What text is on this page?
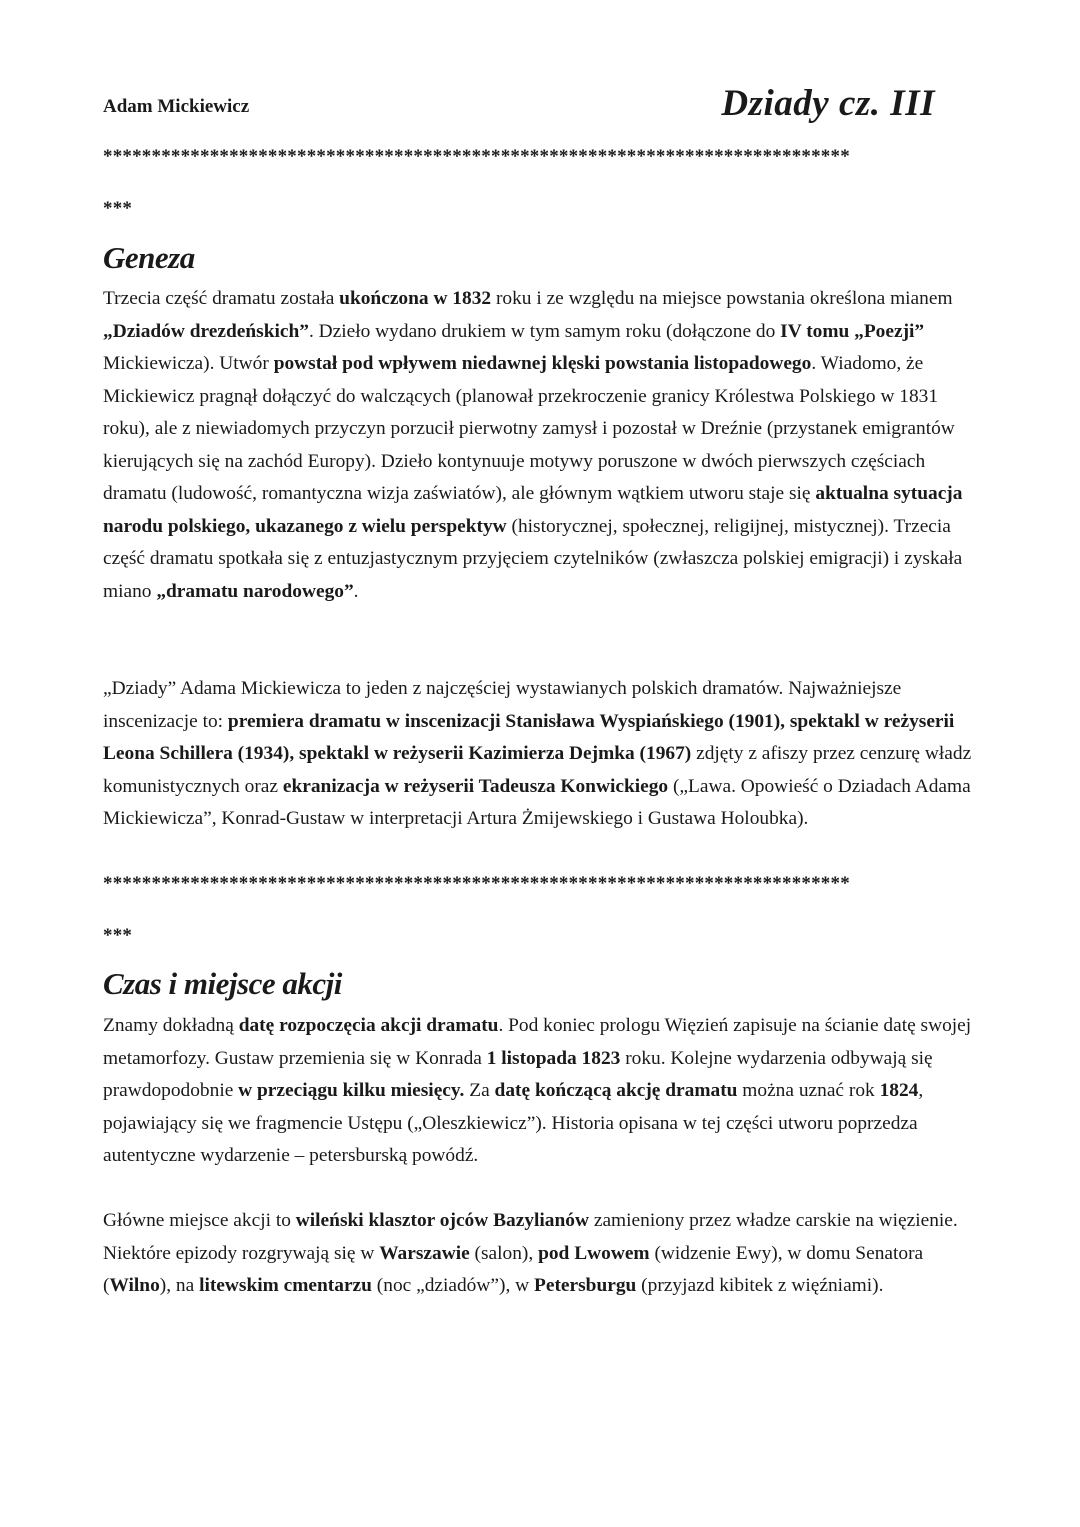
Adam Mickiewicz	Dziady cz. III
*****************************************************************************
***
Geneza
Trzecia część dramatu została ukończona w 1832 roku i ze względu na miejsce powstania określona mianem „Dziadów drezdeńskich”. Dzieło wydano drukiem w tym samym roku (dołączone do IV tomu „Poezji” Mickiewicza). Utwór powstał pod wpływem niedawnej klęski powstania listopadowego. Wiadomo, że Mickiewicz pragnął dołączyć do walczących (planował przekroczenie granicy Królestwa Polskiego w 1831 roku), ale z niewiadomych przyczyn porzucił pierwotny zamysł i pozostał w Dreźnie (przystanek emigrantów kierujących się na zachód Europy). Dzieło kontynuuje motywy poruszone w dwóch pierwszych częściach dramatu (ludowość, romantyczna wizja zaświatów), ale głównym wątkiem utworu staje się aktualna sytuacja narodu polskiego, ukazanego z wielu perspektyw (historycznej, społecznej, religijnej, mistycznej). Trzecia część dramatu spotkała się z entuzjastycznym przyjęciem czytelników (zwłaszcza polskiej emigracji) i zyskała miano „dramatu narodowego”.
„Dziady” Adama Mickiewicza to jeden z najczęściej wystawianych polskich dramatów. Najważniejsze inscenizacje to: premiera dramatu w inscenizacji Stanisława Wyspiańskiego (1901), spektakl w reżyserii Leona Schillera (1934), spektakl w reżyserii Kazimierza Dejmka (1967) zdjęty z afiszy przez cenzurę władz komunistycznych oraz ekranizacja w reżyserii Tadeusza Konwickiego („Lawa. Opowieść o Dziadach Adama Mickiewicza”, Konrad-Gustaw w interpretacji Artura Żmijewskiego i Gustawa Holoubka).
*****************************************************************************
***
Czas i miejsce akcji
Znamy dokładną datę rozpoczęcia akcji dramatu. Pod koniec prologu Więzień zapisuje na ścianie datę swojej metamorfozy. Gustaw przemienia się w Konrada 1 listopada 1823 roku. Kolejne wydarzenia odbywają się prawdopodobnie w przeciągu kilku miesięcy. Za datę kończącą akcję dramatu można uznać rok 1824, pojawiający się we fragmencie Ustępu („Oleszkiewicz”). Historia opisana w tej części utworu poprzedza autentyczne wydarzenie – petersburską powódź.
Główne miejsce akcji to wileński klasztor ojców Bazylianów zamieniony przez władze carskie na więzienie. Niektóre epizody rozgrywają się w Warszawie (salon), pod Lwowem (widzenie Ewy), w domu Senatora (Wilno), na litewskim cmentarzu (noc „dziadów”), w Petersburgu (przyjazd kibitek z więźniami).
